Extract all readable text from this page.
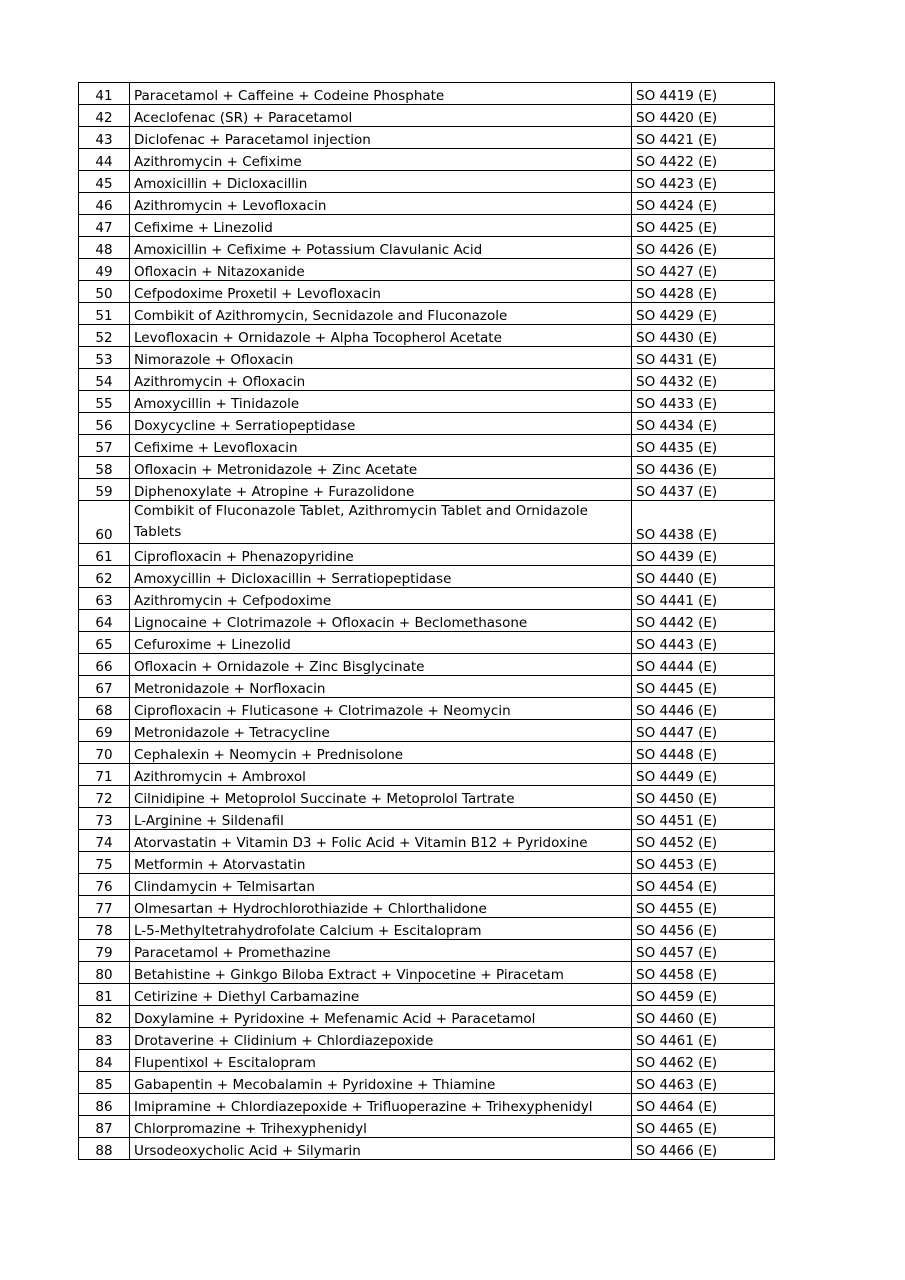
41	Paracetamol + Caffeine + Codeine Phosphate	SO 4419 (E)
42	Aceclofenac (SR) + Paracetamol	SO 4420 (E)
43	Diclofenac + Paracetamol injection	SO 4421 (E)
44	Azithromycin + Cefixime	SO 4422 (E)
45	Amoxicillin + Dicloxacillin	SO 4423 (E)
46	Azithromycin + Levofloxacin	SO 4424 (E)
47	Cefixime + Linezolid	SO 4425 (E)
48	Amoxicillin + Cefixime + Potassium Clavulanic Acid	SO 4426 (E)
49	Ofloxacin + Nitazoxanide	SO 4427 (E)
50	Cefpodoxime Proxetil + Levofloxacin	SO 4428 (E)
51	Combikit of Azithromycin, Secnidazole and Fluconazole	SO 4429 (E)
52	Levofloxacin + Ornidazole + Alpha Tocopherol Acetate	SO 4430 (E)
53	Nimorazole + Ofloxacin	SO 4431 (E)
54	Azithromycin + Ofloxacin	SO 4432 (E)
55	Amoxycillin + Tinidazole	SO 4433 (E)
56	Doxycycline + Serratiopeptidase	SO 4434 (E)
57	Cefixime + Levofloxacin	SO 4435 (E)
58	Ofloxacin + Metronidazole + Zinc Acetate	SO 4436 (E)
59	Diphenoxylate + Atropine + Furazolidone	SO 4437 (E)
60	Combikit of Fluconazole Tablet, Azithromycin Tablet and Ornidazole Tablets	SO 4438 (E)
61	Ciprofloxacin + Phenazopyridine	SO 4439 (E)
62	Amoxycillin + Dicloxacillin + Serratiopeptidase	SO 4440 (E)
63	Azithromycin + Cefpodoxime	SO 4441 (E)
64	Lignocaine + Clotrimazole + Ofloxacin + Beclomethasone	SO 4442 (E)
65	Cefuroxime + Linezolid	SO 4443 (E)
66	Ofloxacin + Ornidazole + Zinc Bisglycinate	SO 4444 (E)
67	Metronidazole + Norfloxacin	SO 4445 (E)
68	Ciprofloxacin + Fluticasone + Clotrimazole + Neomycin	SO 4446 (E)
69	Metronidazole + Tetracycline	SO 4447 (E)
70	Cephalexin + Neomycin + Prednisolone	SO 4448 (E)
71	Azithromycin + Ambroxol	SO 4449 (E)
72	Cilnidipine + Metoprolol Succinate + Metoprolol Tartrate	SO 4450 (E)
73	L-Arginine + Sildenafil	SO 4451 (E)
74	Atorvastatin + Vitamin D3 + Folic Acid + Vitamin B12 + Pyridoxine	SO 4452 (E)
75	Metformin + Atorvastatin	SO 4453 (E)
76	Clindamycin + Telmisartan	SO 4454 (E)
77	Olmesartan + Hydrochlorothiazide + Chlorthalidone	SO 4455 (E)
78	L-5-Methyltetrahydrofolate Calcium + Escitalopram	SO 4456 (E)
79	Paracetamol + Promethazine	SO 4457 (E)
80	Betahistine + Ginkgo Biloba Extract + Vinpocetine + Piracetam	SO 4458 (E)
81	Cetirizine + Diethyl Carbamazine	SO 4459 (E)
82	Doxylamine + Pyridoxine + Mefenamic Acid + Paracetamol	SO 4460 (E)
83	Drotaverine + Clidinium + Chlordiazepoxide	SO 4461 (E)
84	Flupentixol + Escitalopram	SO 4462 (E)
85	Gabapentin + Mecobalamin + Pyridoxine + Thiamine	SO 4463 (E)
86	Imipramine + Chlordiazepoxide + Trifluoperazine + Trihexyphenidyl	SO 4464 (E)
87	Chlorpromazine + Trihexyphenidyl	SO 4465 (E)
88	Ursodeoxycholic Acid + Silymarin	SO 4466 (E)
